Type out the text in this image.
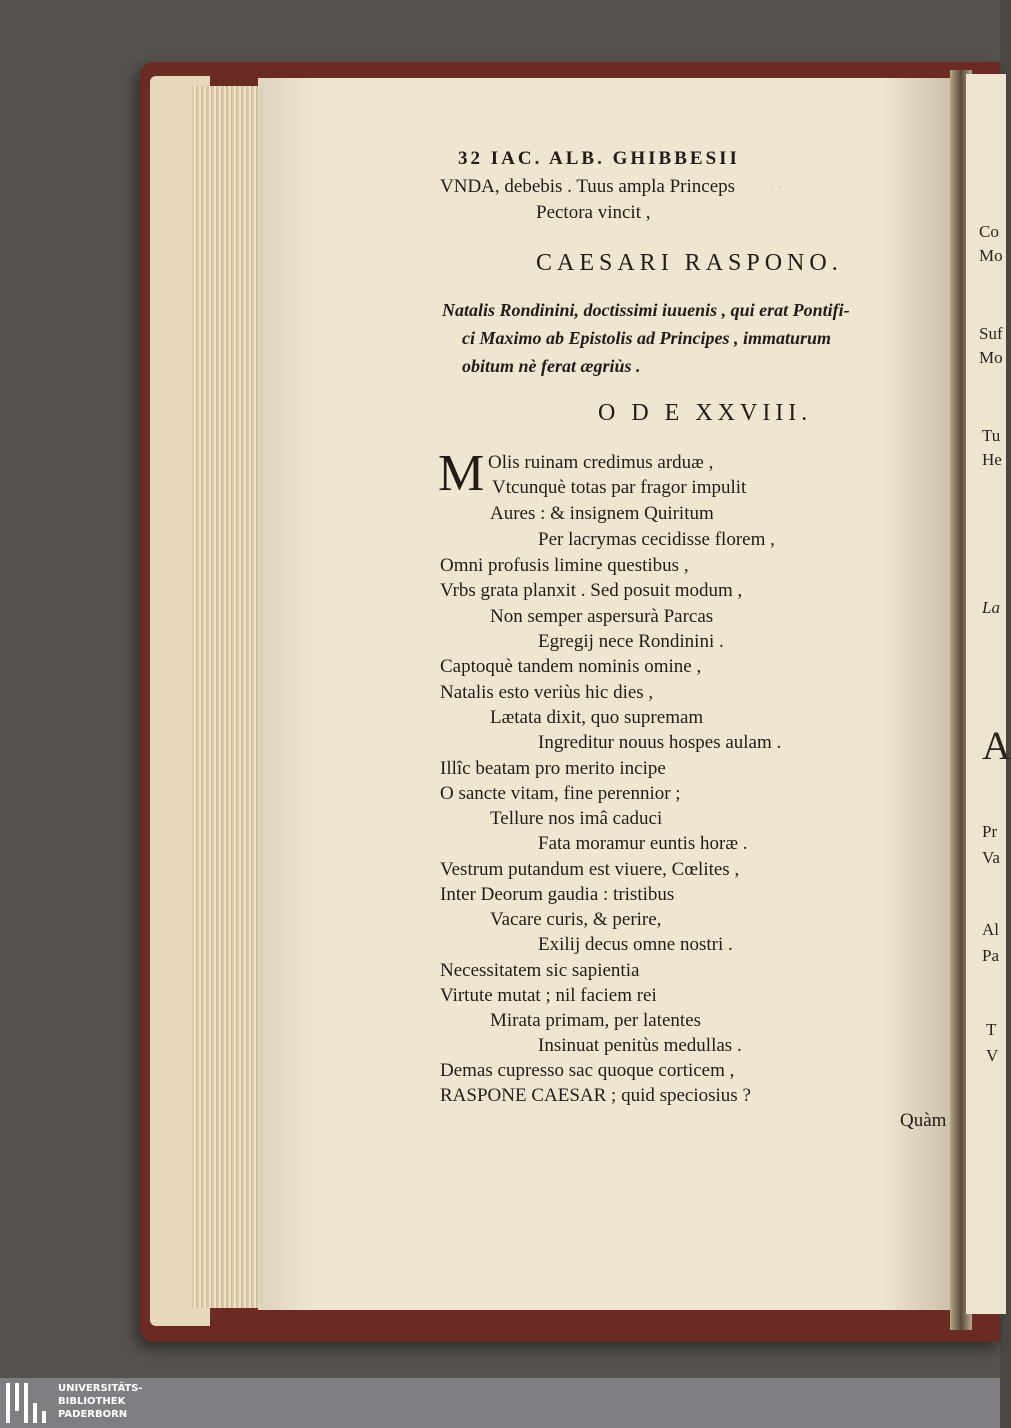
· · ·
32 IAC. ALB. GHIBBESII
VNDA, debebis . Tuus ampla Princeps
Pectora vincit ,
CAESARI RASPONO.
Natalis Rondinini, doctissimi iuuenis , qui erat Pontifi-
ci Maximo ab Epistolis ad Principes , immaturum
obitum nè ferat ægriùs .
O D E XXVIII.
M Olis ruinam credimus arduæ ,
Vtcunquè totas par fragor impulit
Aures : & insignem Quiritum
Per lacrymas cecidisse florem ,
Omni profusis limine questibus ,
Vrbs grata planxit . Sed posuit modum ,
Non semper aspersurà Parcas
Egregij nece Rondinini .
Captoquè tandem nominis omine ,
Natalis esto veriùs hic dies ,
Lætata dixit, quo supremam
Ingreditur nouus hospes aulam .
Illîc beatam pro merito incipe
O sancte vitam, fine perennior ;
Tellure nos imâ caduci
Fata moramur euntis horæ .
Vestrum putandum est viuere, Cœlites ,
Inter Deorum gaudia : tristibus
Vacare curis, & perire,
Exilij decus omne nostri .
Necessitatem sic sapientia
Virtute mutat ; nil faciem rei
Mirata primam, per latentes
Insinuat penitùs medullas .
Demas cupresso sac quoque corticem ,
RASPONE CAESAR ; quid speciosius ?
Quàm
Co
Mo
Suf
Mo
Tu
He
La
A
Pr
Va
Al
Pa
T
V
UNIVERSITÄTS-
BIBLIOTHEK
PADERBORN
